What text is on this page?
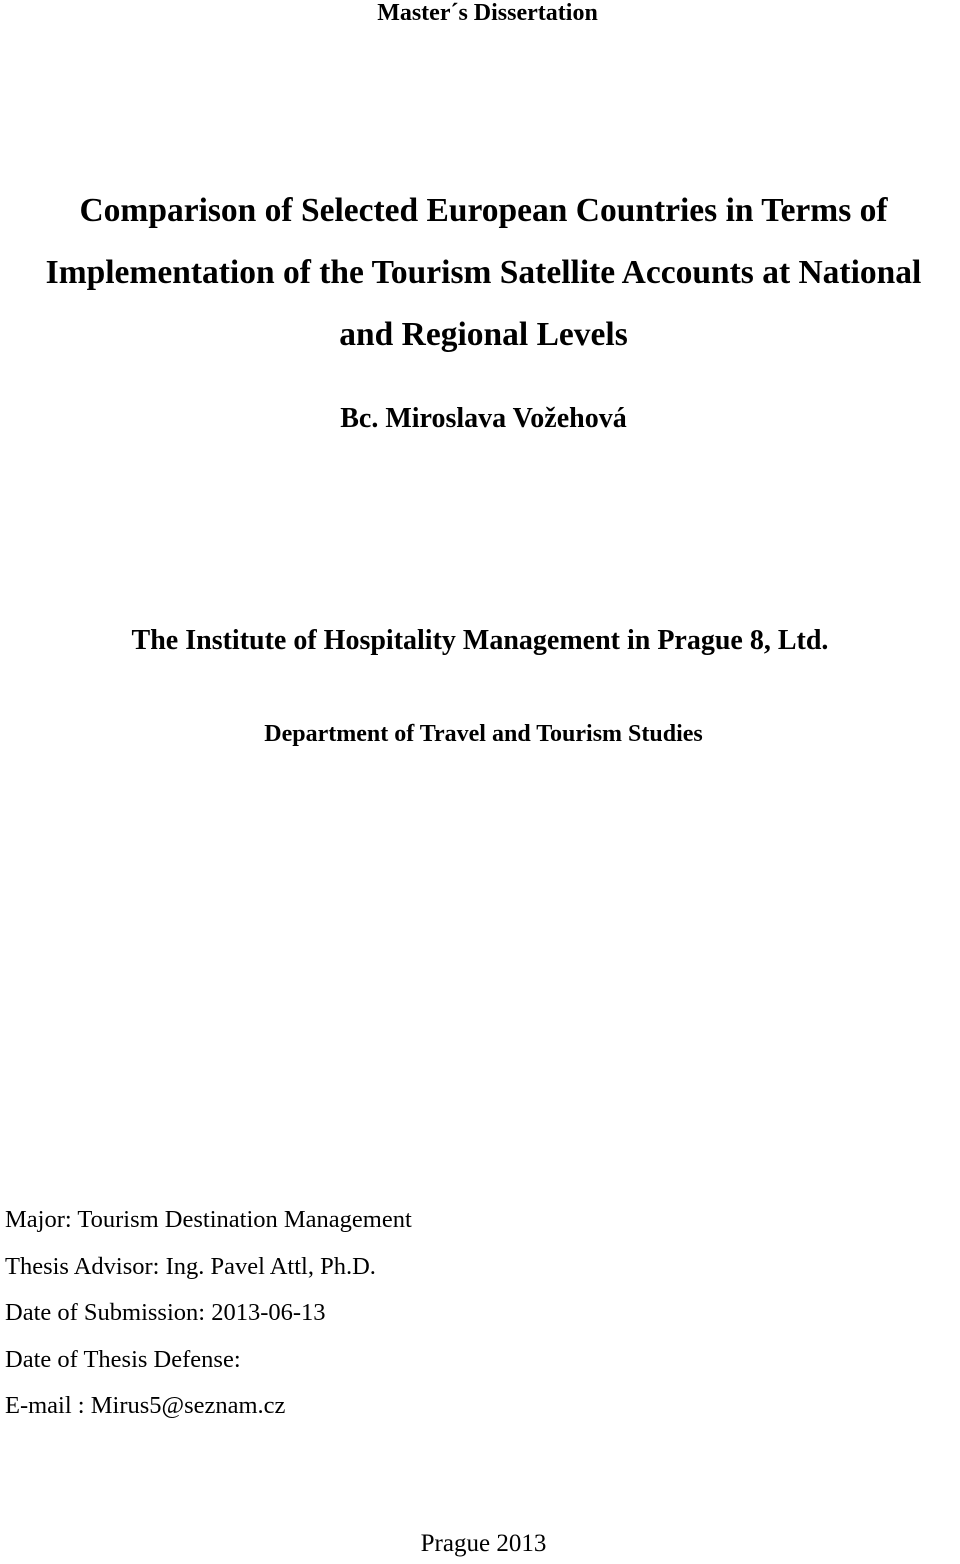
Master´s Dissertation
Comparison of Selected European Countries in Terms of
Implementation of the Tourism Satellite Accounts at National
and Regional Levels
Bc. Miroslava Vožehová
The Institute of Hospitality Management in Prague 8, Ltd.
Department of Travel and Tourism Studies
Major: Tourism Destination Management
Thesis Advisor: Ing. Pavel Attl, Ph.D.
Date of Submission: 2013-06-13
Date of Thesis Defense:
E-mail : Mirus5@seznam.cz
Prague 2013
